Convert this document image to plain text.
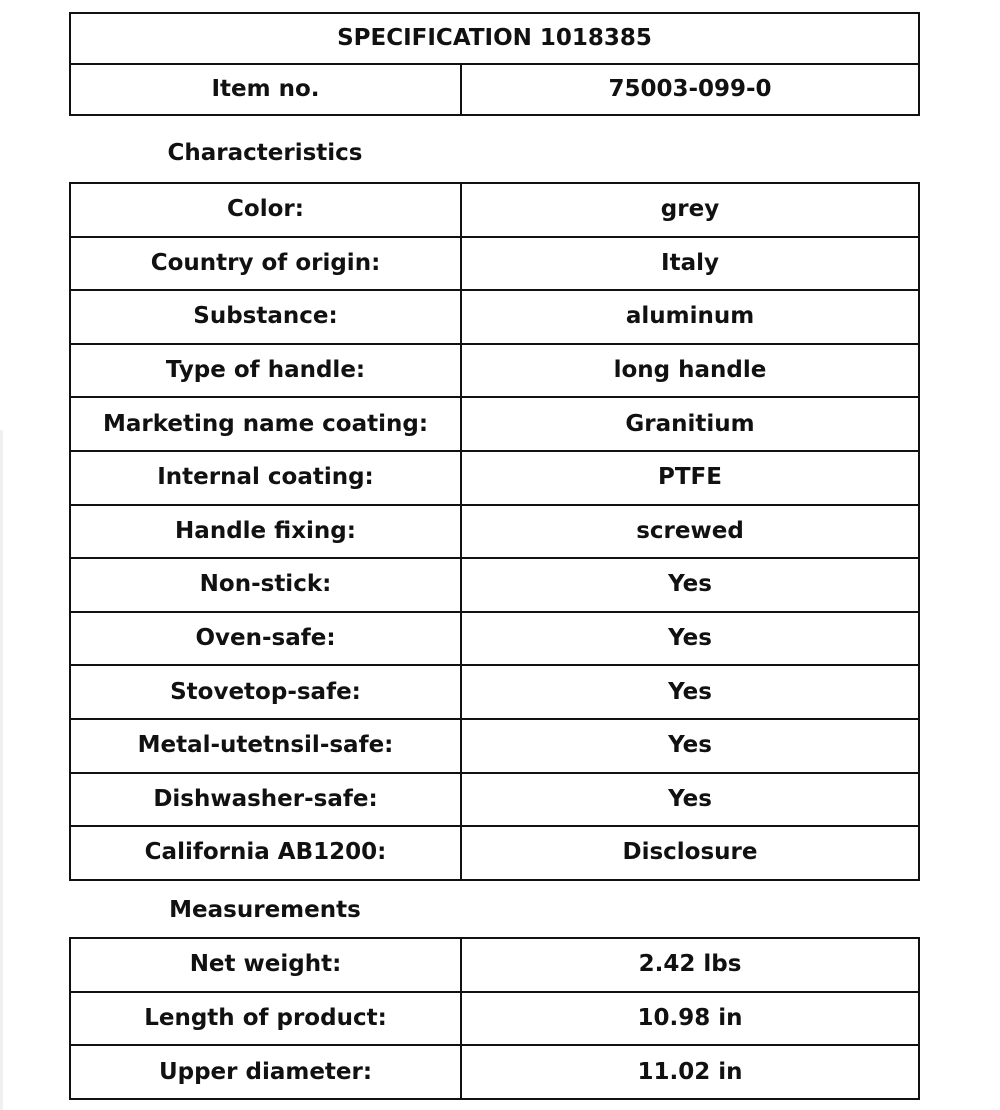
SPECIFICATION 1018385
Item no.	75003-099-0
Characteristics
Color:	grey
Country of origin:	Italy
Substance:	aluminum
Type of handle:	long handle
Marketing name coating:	Granitium
Internal coating:	PTFE
Handle fixing:	screwed
Non-stick:	Yes
Oven-safe:	Yes
Stovetop-safe:	Yes
Metal-utetnsil-safe:	Yes
Dishwasher-safe:	Yes
California AB1200:	Disclosure
Measurements
Net weight:	2.42 lbs
Length of product:	10.98 in
Upper diameter:	11.02 in
